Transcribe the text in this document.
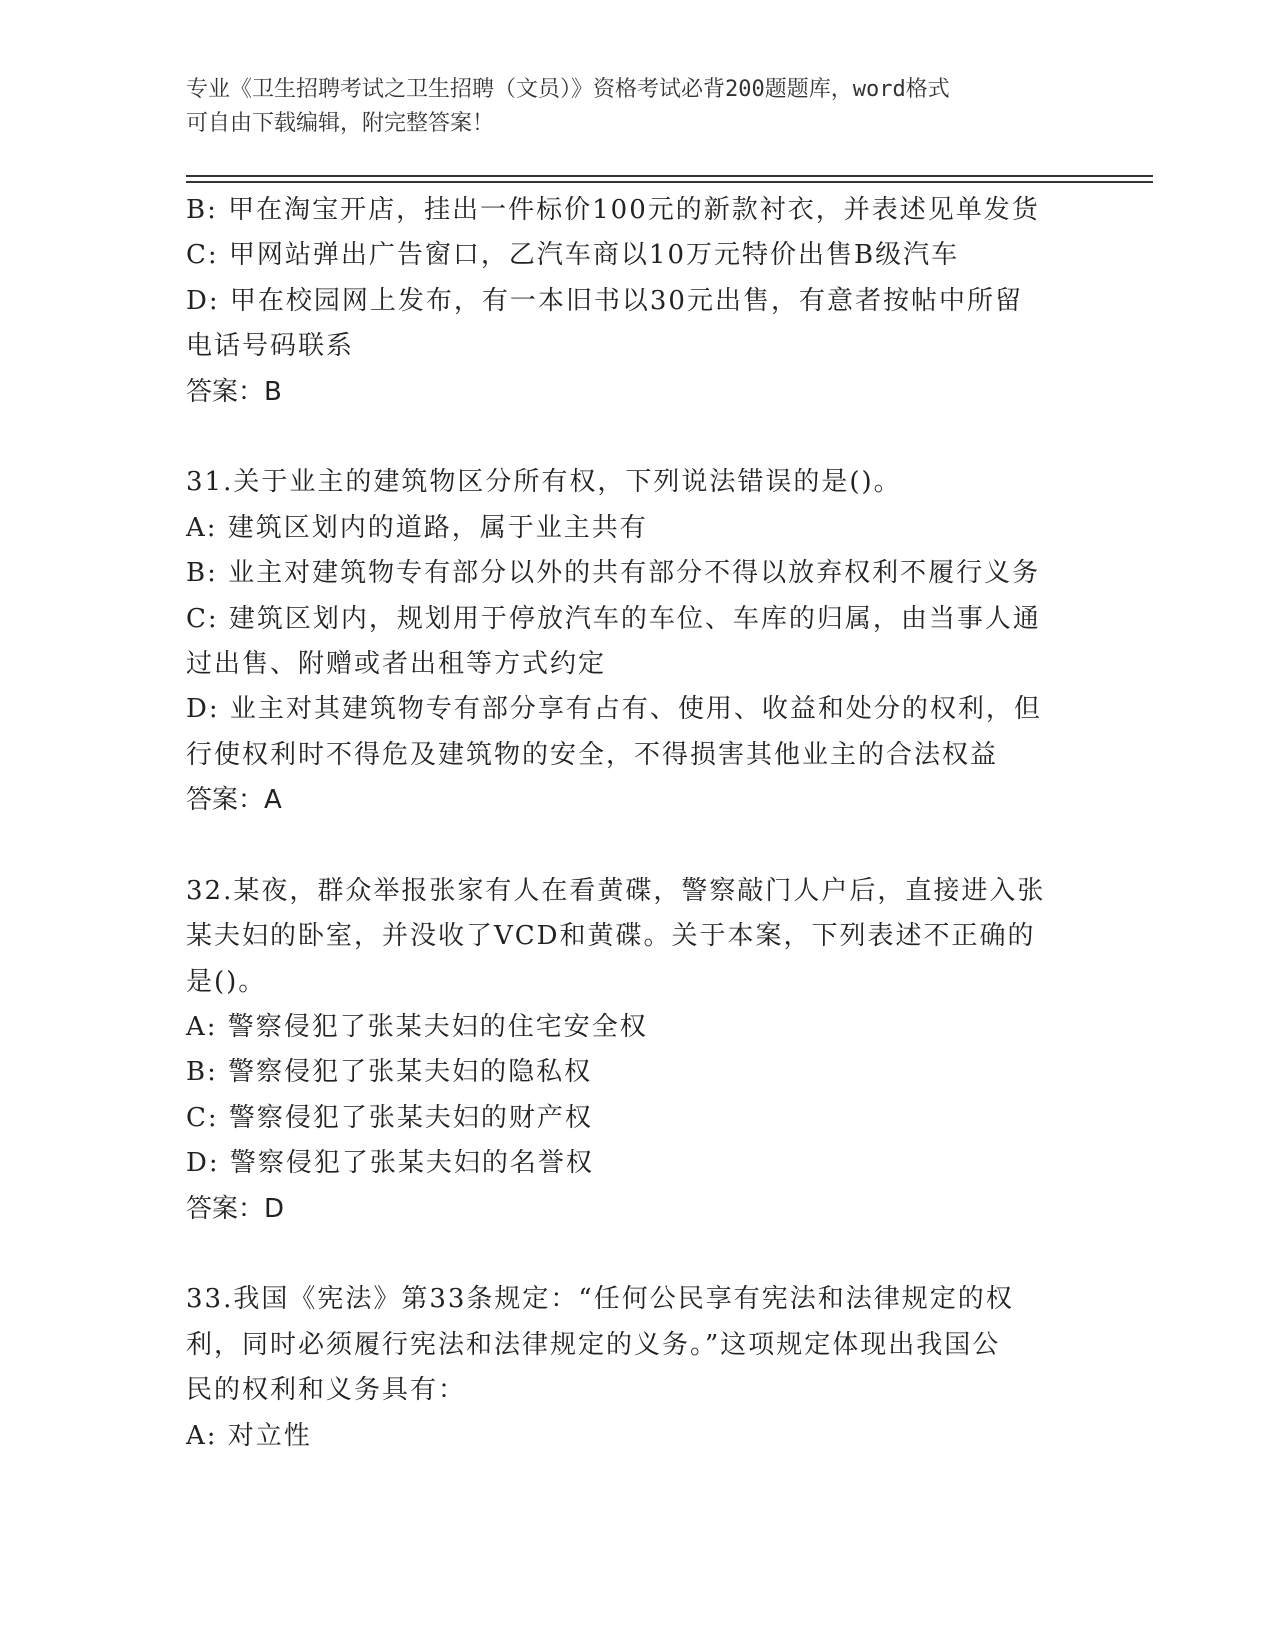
专业《卫生招聘考试之卫生招聘（文员）》资格考试必背200题题库，word格式
可自由下载编辑，附完整答案！

B: 甲在淘宝开店，挂出一件标价100元的新款衬衣，并表述见单发货

C: 甲网站弹出广告窗口，乙汽车商以10万元特价出售B级汽车

D: 甲在校园网上发布，有一本旧书以30元出售，有意者按帖中所留

电话号码联系

答案：B

31.关于业主的建筑物区分所有权，下列说法错误的是()。

A: 建筑区划内的道路，属于业主共有

B: 业主对建筑物专有部分以外的共有部分不得以放弃权利不履行义务

C: 建筑区划内，规划用于停放汽车的车位、车库的归属，由当事人通

过出售、附赠或者出租等方式约定

D: 业主对其建筑物专有部分享有占有、使用、收益和处分的权利，但

行使权利时不得危及建筑物的安全，不得损害其他业主的合法权益

答案：A

32.某夜，群众举报张家有人在看黄碟，警察敲门人户后，直接进入张

某夫妇的卧室，并没收了VCD和黄碟。关于本案，下列表述不正确的

是()。

A: 警察侵犯了张某夫妇的住宅安全权

B: 警察侵犯了张某夫妇的隐私权

C: 警察侵犯了张某夫妇的财产权

D: 警察侵犯了张某夫妇的名誉权

答案：D

33.我国《宪法》第33条规定：“任何公民享有宪法和法律规定的权

利，同时必须履行宪法和法律规定的义务。”这项规定体现出我国公

民的权利和义务具有：

A: 对立性
